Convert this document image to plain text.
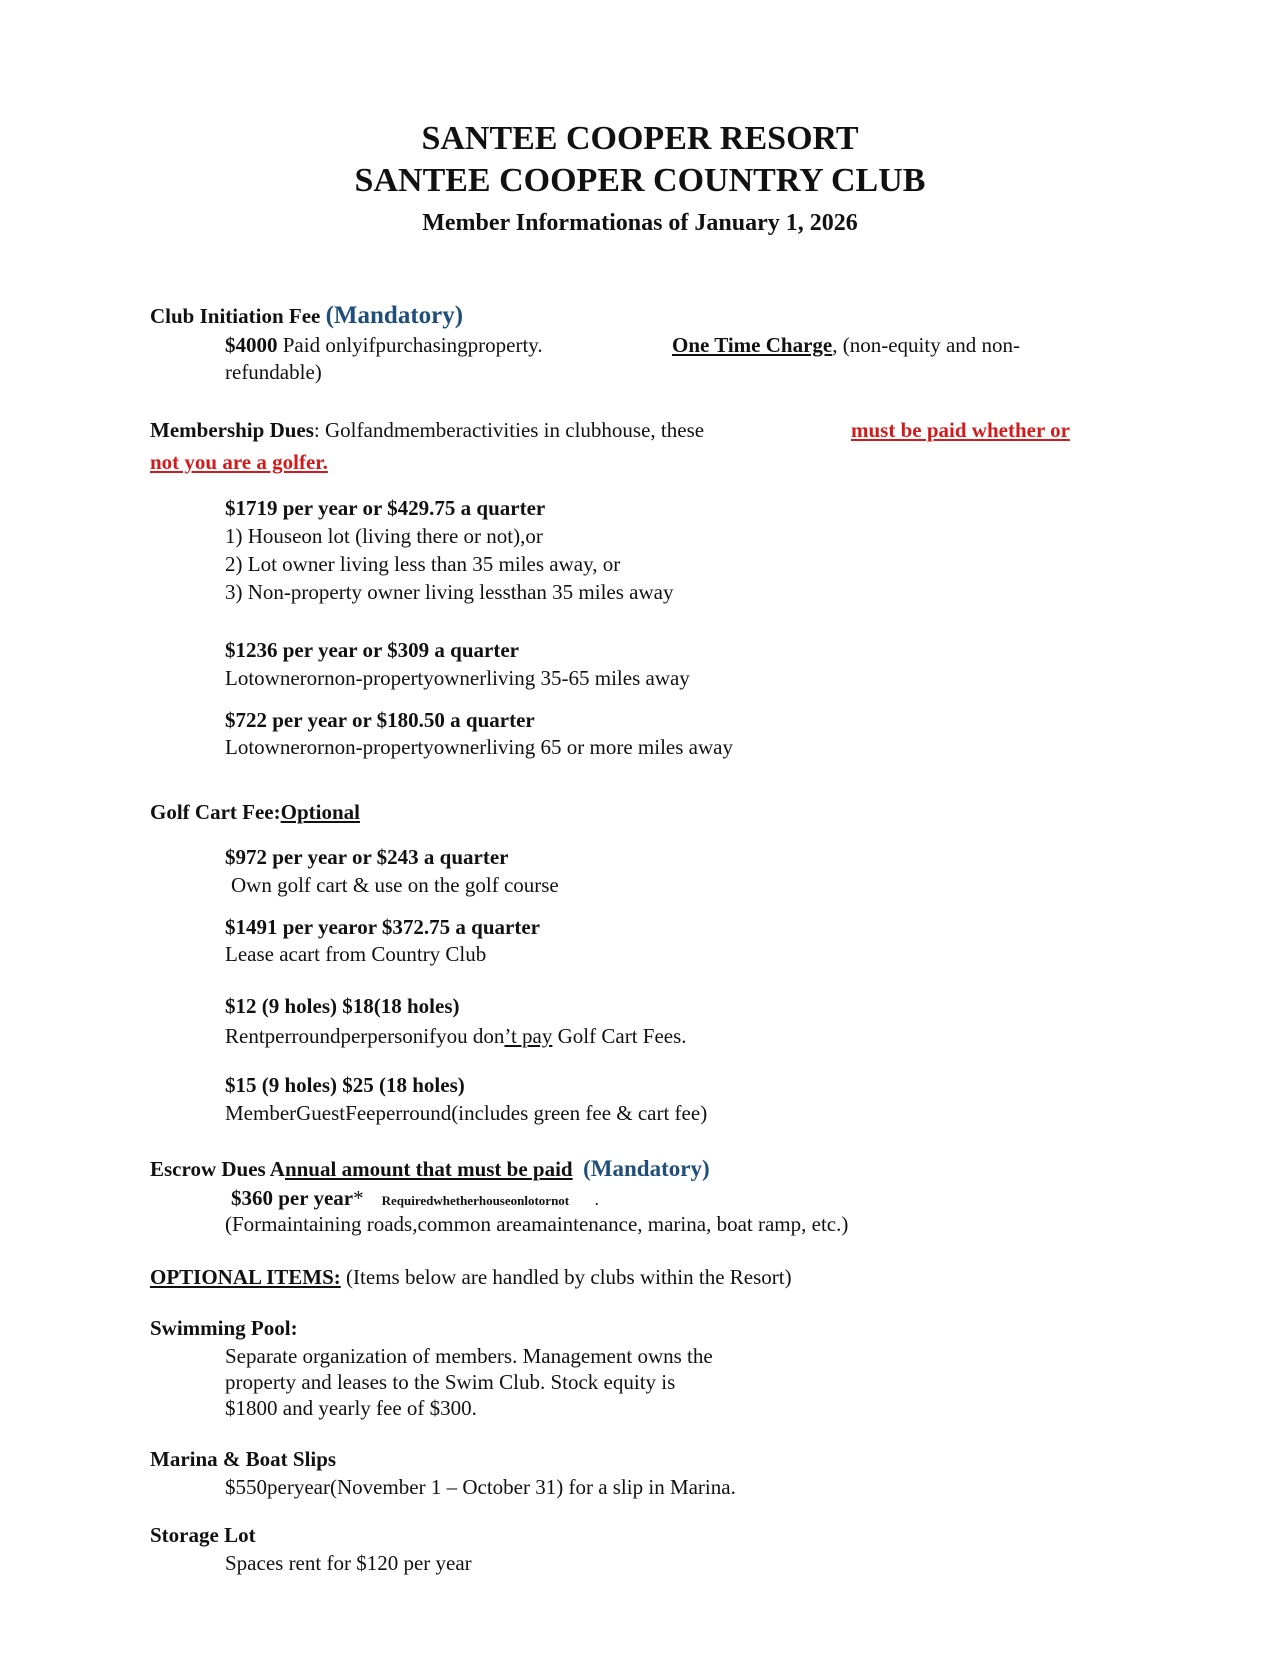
SANTEE COOPER RESORT
SANTEE COOPER COUNTRY CLUB
Member Informationas of January 1, 2026
Club Initiation Fee (Mandatory)
$4000 Paid onlyifpurchasingproperty.	One Time Charge, (non-equity and non-
refundable)
Membership Dues: Golfandmemberactivities in clubhouse, these	must be paid whether or
not you are a golfer.
$1719 per year or $429.75 a quarter
1) Houseon lot (living there or not),or
2) Lot owner living less than 35 miles away, or
3) Non-property owner living lessthan 35 miles away
$1236 per year or $309 a quarter
Lotownerornon-propertyownerliving 35-65 miles away
$722 per year or $180.50 a quarter
Lotownerornon-propertyownerliving 65 or more miles away
Golf Cart Fee:Optional
$972 per year or $243 a quarter
Own golf cart & use on the golf course
$1491 per yearor $372.75 a quarter
Lease acart from Country Club
$12 (9 holes) $18(18 holes)
Rentperroundperpersonifyou don’t pay Golf Cart Fees.
$15 (9 holes) $25 (18 holes)
MemberGuestFeeperround(includes green fee & cart fee)
Escrow Dues Annual amount that must be paid (Mandatory)
$360 per year* Requiredwhetherhouseonlotornot .
(Formaintaining roads,common areamaintenance, marina, boat ramp, etc.)
OPTIONAL ITEMS: (Items below are handled by clubs within the Resort)
Swimming Pool:
Separate organization of members. Management owns the
property and leases to the Swim Club. Stock equity is
$1800 and yearly fee of $300.
Marina & Boat Slips
$550peryear(November 1 – October 31) for a slip in Marina.
Storage Lot
Spaces rent for $120 per year
